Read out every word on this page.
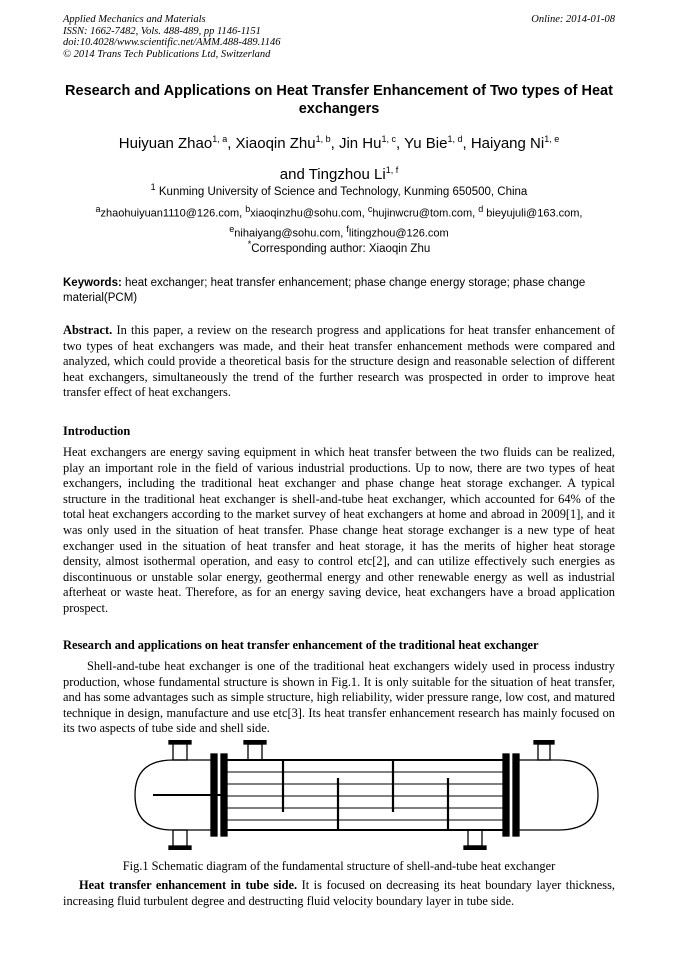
Applied Mechanics and Materials
ISSN: 1662-7482, Vols. 488-489, pp 1146-1151
doi:10.4028/www.scientific.net/AMM.488-489.1146
© 2014 Trans Tech Publications Ltd, Switzerland
Online: 2014-01-08
Research and Applications on Heat Transfer Enhancement of Two types of Heat exchangers
Huiyuan Zhao$^{1, a}$, Xiaoqin Zhu$^{1, b}$, Jin Hu$^{1, c}$, Yu Bie$^{1, d}$, Haiyang Ni$^{1, e}$
and Tingzhou Li$^{1, f}$
$^1$ Kunming University of Science and Technology, Kunming 650500, China
$^a$zhaohuiyuan1110@126.com, $^b$xiaoqinzhu@sohu.com, $^c$hujinwcru@tom.com, $^d$ bieyujuli@163.com,
$^e$nihaiyang@sohu.com, $^f$litingzhou@126.com
*Corresponding author: Xiaoqin Zhu
Keywords: heat exchanger; heat transfer enhancement; phase change energy storage; phase change material(PCM)
Abstract. In this paper, a review on the research progress and applications for heat transfer enhancement of two types of heat exchangers was made, and their heat transfer enhancement methods were compared and analyzed, which could provide a theoretical basis for the structure design and reasonable selection of different heat exchangers, simultaneously the trend of the further research was prospected in order to improve heat transfer effect of heat exchangers.
Introduction
Heat exchangers are energy saving equipment in which heat transfer between the two fluids can be realized, play an important role in the field of various industrial productions. Up to now, there are two types of heat exchangers, including the traditional heat exchanger and phase change heat storage exchanger. A typical structure in the traditional heat exchanger is shell-and-tube heat exchanger, which accounted for 64% of the total heat exchangers according to the market survey of heat exchangers at home and abroad in 2009[1], and it was only used in the situation of heat transfer. Phase change heat storage exchanger is a new type of heat exchanger used in the situation of heat transfer and heat storage, it has the merits of higher heat storage density, almost isothermal operation, and easy to control etc[2], and can utilize effectively such energies as discontinuous or unstable solar energy, geothermal energy and other renewable energy as well as industrial afterheat or waste heat. Therefore, as for an energy saving device, heat exchangers have a broad application prospect.
Research and applications on heat transfer enhancement of the traditional heat exchanger
Shell-and-tube heat exchanger is one of the traditional heat exchangers widely used in process industry production, whose fundamental structure is shown in Fig.1. It is only suitable for the situation of heat transfer, and has some advantages such as simple structure, high reliability, wider pressure range, low cost, and matured technique in design, manufacture and use etc[3]. Its heat transfer enhancement research has mainly focused on its two aspects of tube side and shell side.
Fig.1 Schematic diagram of the fundamental structure of shell-and-tube heat exchanger
Heat transfer enhancement in tube side. It is focused on decreasing its heat boundary layer thickness, increasing fluid turbulent degree and destructing fluid velocity boundary layer in tube side.
